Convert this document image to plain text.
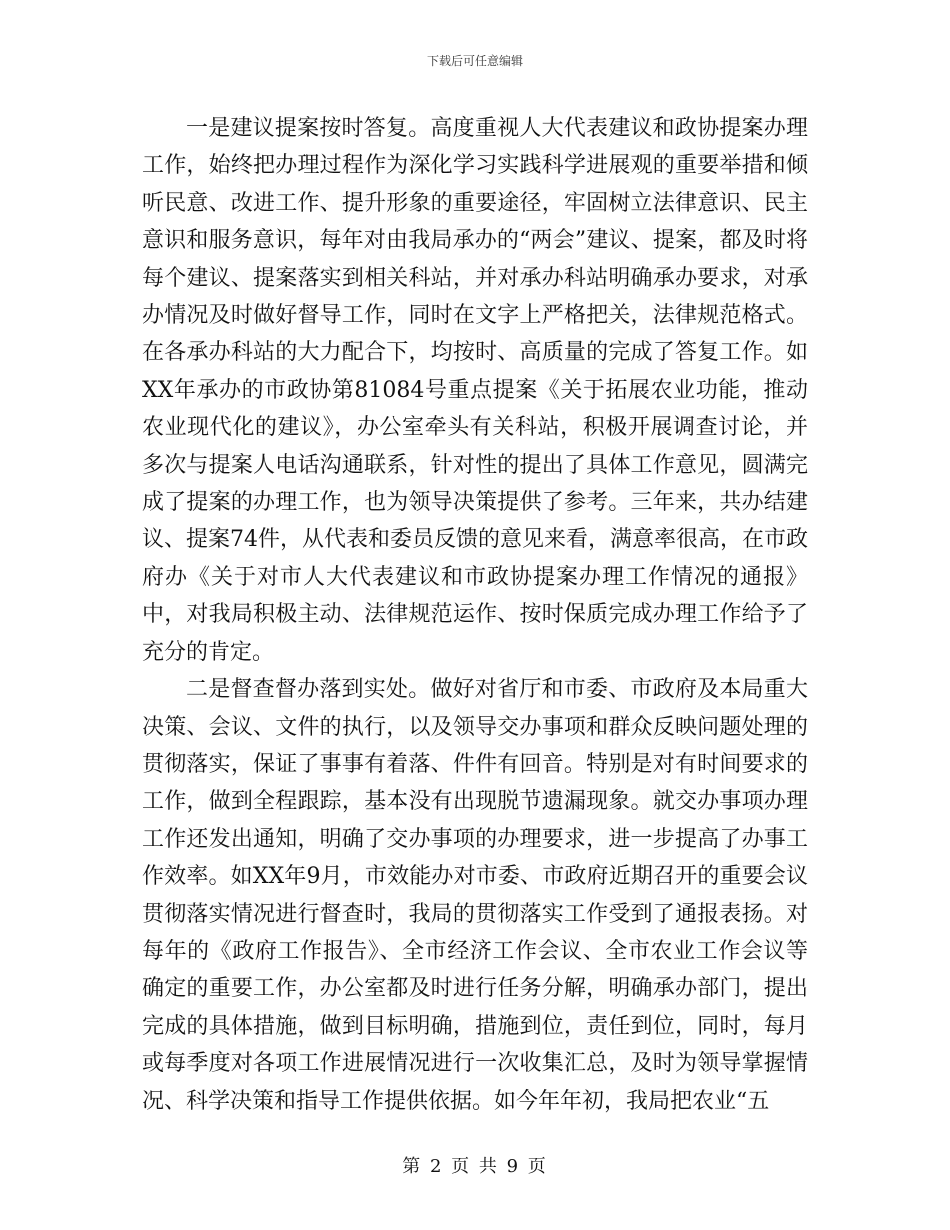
下载后可任意编辑

一是建议提案按时答复。高度重视人大代表建议和政协提案办理工作，始终把办理过程作为深化学习实践科学进展观的重要举措和倾听民意、改进工作、提升形象的重要途径，牢固树立法律意识、民主意识和服务意识，每年对由我局承办的“两会”建议、提案，都及时将每个建议、提案落实到相关科站，并对承办科站明确承办要求，对承办情况及时做好督导工作，同时在文字上严格把关，法律规范格式。在各承办科站的大力配合下，均按时、高质量的完成了答复工作。如XX年承办的市政协第81084号重点提案《关于拓展农业功能，推动农业现代化的建议》，办公室牵头有关科站，积极开展调查讨论，并多次与提案人电话沟通联系，针对性的提出了具体工作意见，圆满完成了提案的办理工作，也为领导决策提供了参考。三年来，共办结建议、提案74件，从代表和委员反馈的意见来看，满意率很高，在市政府办《关于对市人大代表建议和市政协提案办理工作情况的通报》中，对我局积极主动、法律规范运作、按时保质完成办理工作给予了充分的肯定。

二是督查督办落到实处。做好对省厅和市委、市政府及本局重大决策、会议、文件的执行，以及领导交办事项和群众反映问题处理的贯彻落实，保证了事事有着落、件件有回音。特别是对有时间要求的工作，做到全程跟踪，基本没有出现脱节遗漏现象。就交办事项办理工作还发出通知，明确了交办事项的办理要求，进一步提高了办事工作效率。如XX年9月，市效能办对市委、市政府近期召开的重要会议贯彻落实情况进行督查时，我局的贯彻落实工作受到了通报表扬。对每年的《政府工作报告》、全市经济工作会议、全市农业工作会议等确定的重要工作，办公室都及时进行任务分解，明确承办部门，提出完成的具体措施，做到目标明确，措施到位，责任到位，同时，每月或每季度对各项工作进展情况进行一次收集汇总，及时为领导掌握情况、科学决策和指导工作提供依据。如今年年初，我局把农业“五

第 2 页 共 9 页
